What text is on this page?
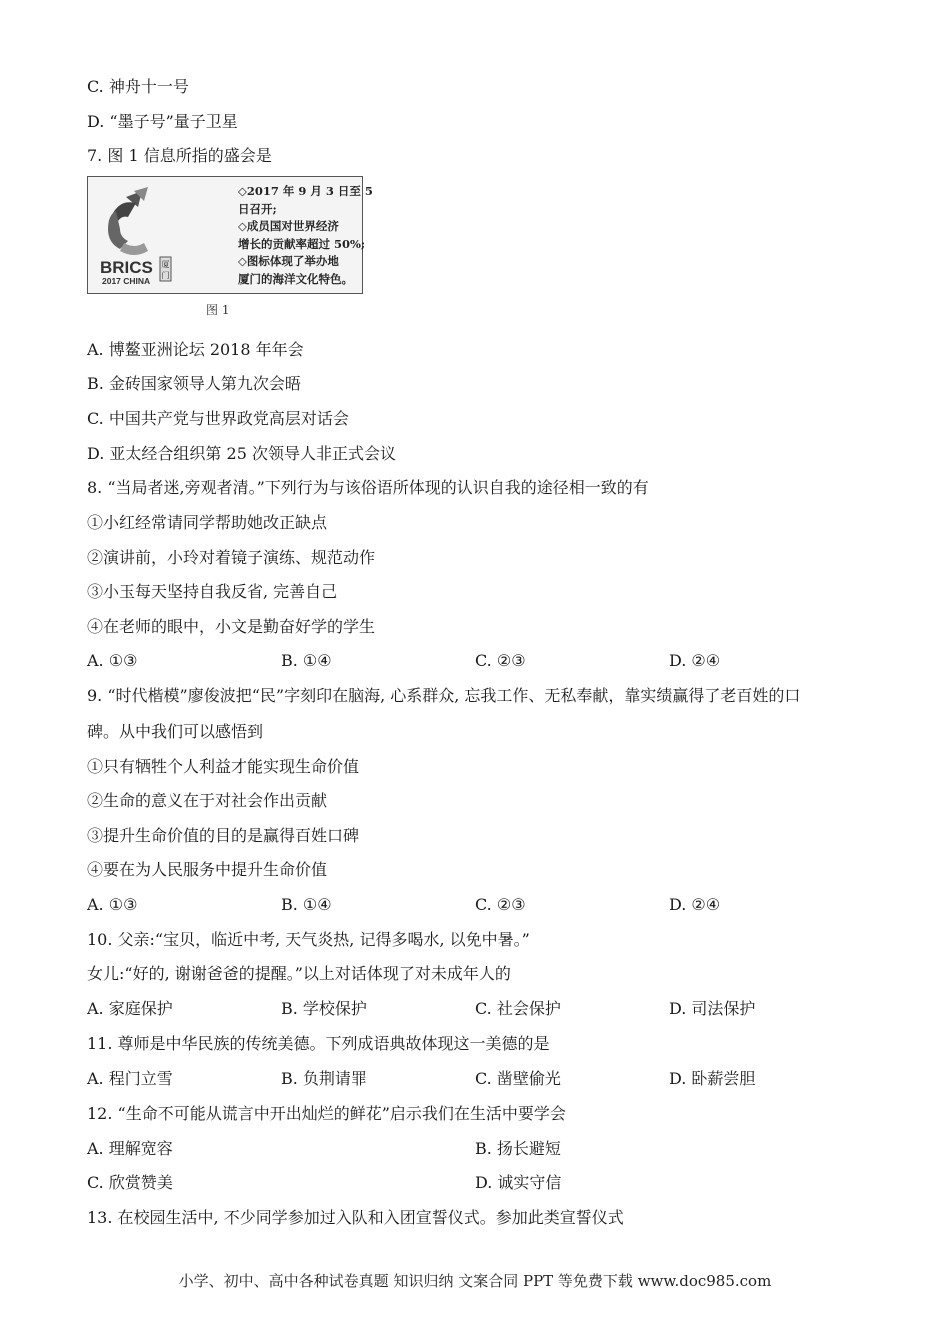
C. 神舟十一号
D. “墨子号”量子卫星
7. 图 1 信息所指的盛会是
BRICS
2017 CHINA
厦
门
◇2017 年 9 月 3 日至 5
日召开;
◇成员国对世界经济
增长的贡献率超过 50%;
◇图标体现了举办地
厦门的海洋文化特色。
图 1
A. 博鳌亚洲论坛 2018 年年会
B. 金砖国家领导人第九次会晤
C. 中国共产党与世界政党高层对话会
D. 亚太经合组织第 25 次领导人非正式会议
8. “当局者迷,旁观者清。”下列行为与该俗语所体现的认识自我的途径相一致的有
①小红经常请同学帮助她改正缺点
②演讲前，小玲对着镜子演练、规范动作
③小玉每天坚持自我反省, 完善自己
④在老师的眼中，小文是勤奋好学的学生
A. ①③	B. ①④	C. ②③	D. ②④
9. “时代楷模”廖俊波把“民”字刻印在脑海, 心系群众, 忘我工作、无私奉献，靠实绩赢得了老百姓的口
碑。从中我们可以感悟到
①只有牺牲个人利益才能实现生命价值
②生命的意义在于对社会作出贡献
③提升生命价值的目的是赢得百姓口碑
④要在为人民服务中提升生命价值
A. ①③	B. ①④	C. ②③	D. ②④
10. 父亲:“宝贝，临近中考, 天气炎热, 记得多喝水, 以免中暑。”
女儿:“好的, 谢谢爸爸的提醒。”以上对话体现了对未成年人的
A. 家庭保护	B. 学校保护	C. 社会保护	D. 司法保护
11. 尊师是中华民族的传统美德。下列成语典故体现这一美德的是
A. 程门立雪	B. 负荆请罪	C. 凿壁偷光	D. 卧薪尝胆
12. “生命不可能从谎言中开出灿烂的鲜花”启示我们在生活中要学会
A. 理解宽容	B. 扬长避短
C. 欣赏赞美	D. 诚实守信
13. 在校园生活中, 不少同学参加过入队和入团宣誓仪式。参加此类宣誓仪式
小学、初中、高中各种试卷真题 知识归纳 文案合同 PPT 等免费下载 www.doc985.com
